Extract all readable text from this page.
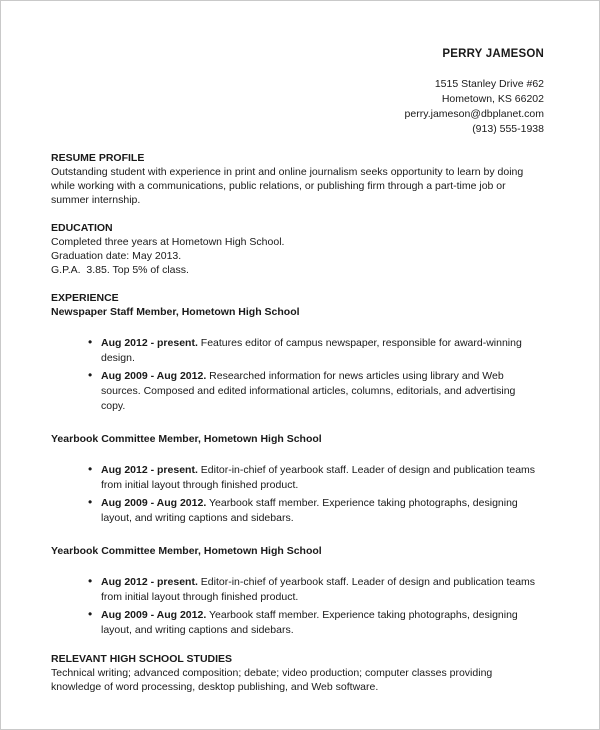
PERRY JAMESON
1515 Stanley Drive #62
Hometown, KS 66202
perry.jameson@dbplanet.com
(913) 555-1938
RESUME PROFILE
Outstanding student with experience in print and online journalism seeks opportunity to learn by doing while working with a communications, public relations, or publishing firm through a part-time job or summer internship.
EDUCATION
Completed three years at Hometown High School.
Graduation date: May 2013.
G.P.A.  3.85. Top 5% of class.
EXPERIENCE
Newspaper Staff Member, Hometown High School
• Aug 2012 - present. Features editor of campus newspaper, responsible for award-winning design.
• Aug 2009 - Aug 2012. Researched information for news articles using library and Web sources. Composed and edited informational articles, columns, editorials, and advertising copy.
Yearbook Committee Member, Hometown High School
• Aug 2012 - present. Editor-in-chief of yearbook staff. Leader of design and publication teams from initial layout through finished product.
• Aug 2009 - Aug 2012. Yearbook staff member. Experience taking photographs, designing layout, and writing captions and sidebars.
Yearbook Committee Member, Hometown High School
• Aug 2012 - present. Editor-in-chief of yearbook staff. Leader of design and publication teams from initial layout through finished product.
• Aug 2009 - Aug 2012. Yearbook staff member. Experience taking photographs, designing layout, and writing captions and sidebars.
RELEVANT HIGH SCHOOL STUDIES
Technical writing; advanced composition; debate; video production; computer classes providing knowledge of word processing, desktop publishing, and Web software.
